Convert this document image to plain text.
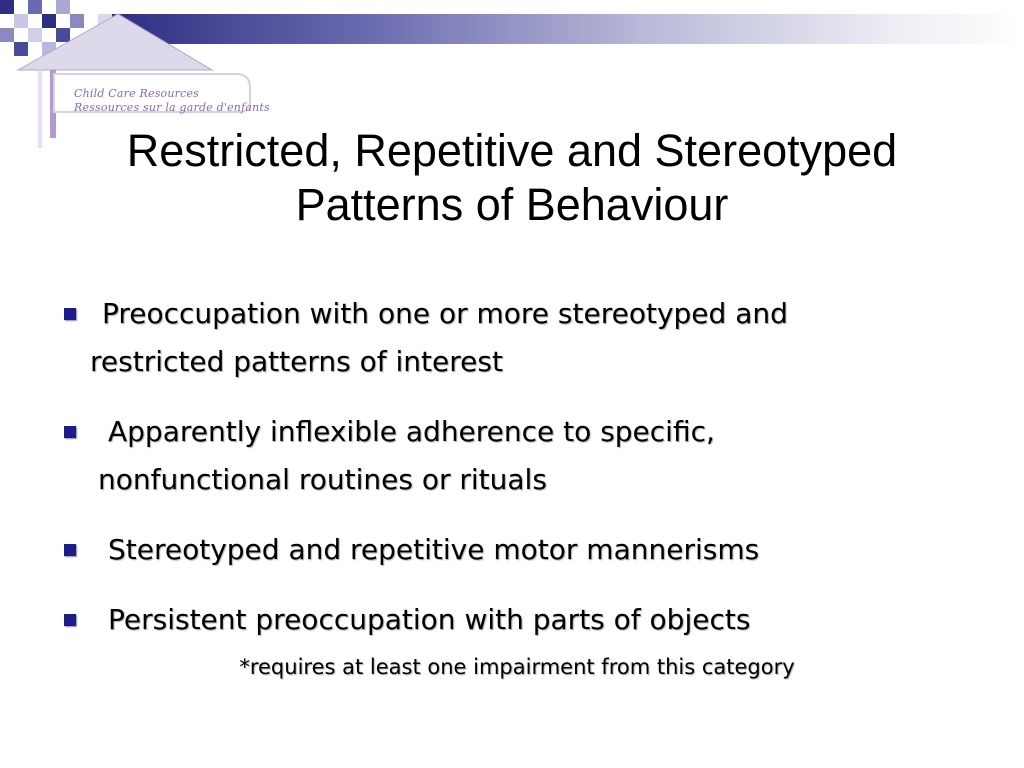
Child Care Resources
Ressources sur la garde d'enfants
Restricted, Repetitive and Stereotyped
Patterns of Behaviour
Preoccupation with one or more stereotyped and
restricted patterns of interest
Apparently inflexible adherence to specific,
nonfunctional routines or rituals
Stereotyped and repetitive motor mannerisms
Persistent preoccupation with parts of objects
*requires at least one impairment from this category
